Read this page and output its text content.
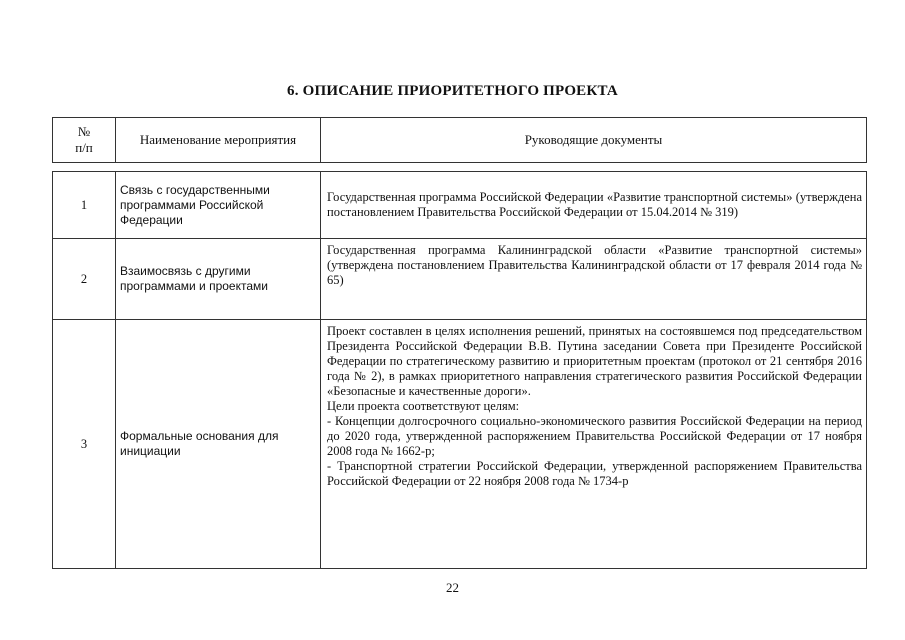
6. ОПИСАНИЕ ПРИОРИТЕТНОГО ПРОЕКТА
№
п/п	Наименование мероприятия	Руководящие документы

1	Связь с государственными программами Российской Федерации	Государственная программа Российской Федерации «Развитие транспортной системы» (утверждена постановлением Правительства Российской Федерации от 15.04.2014 № 319)

2	Взаимосвязь с другими программами и проектами	Государственная программа Калининградской области «Развитие транспортной системы» (утверждена постановлением Правительства Калининградской области от 17 февраля 2014 года № 65)

3	Формальные основания для инициации	Проект составлен в целях исполнения решений, принятых на состоявшемся под председательством Президента Российской Федерации В.В. Путина заседании Совета при Президенте Российской Федерации по стратегическому развитию и приоритетным проектам (протокол от 21 сентября 2016 года № 2), в рамках приоритетного направления стратегического развития Российской Федерации «Безопасные и качественные дороги».

Цели проекта соответствуют целям:

- Концепции долгосрочного социально-экономического развития Российской Федерации на период до 2020 года, утвержденной распоряжением Правительства Российской Федерации от 17 ноября 2008 года № 1662-р;

- Транспортной стратегии Российской Федерации, утвержденной распоряжением Правительства Российской Федерации от 22 ноября 2008 года № 1734-р

22
